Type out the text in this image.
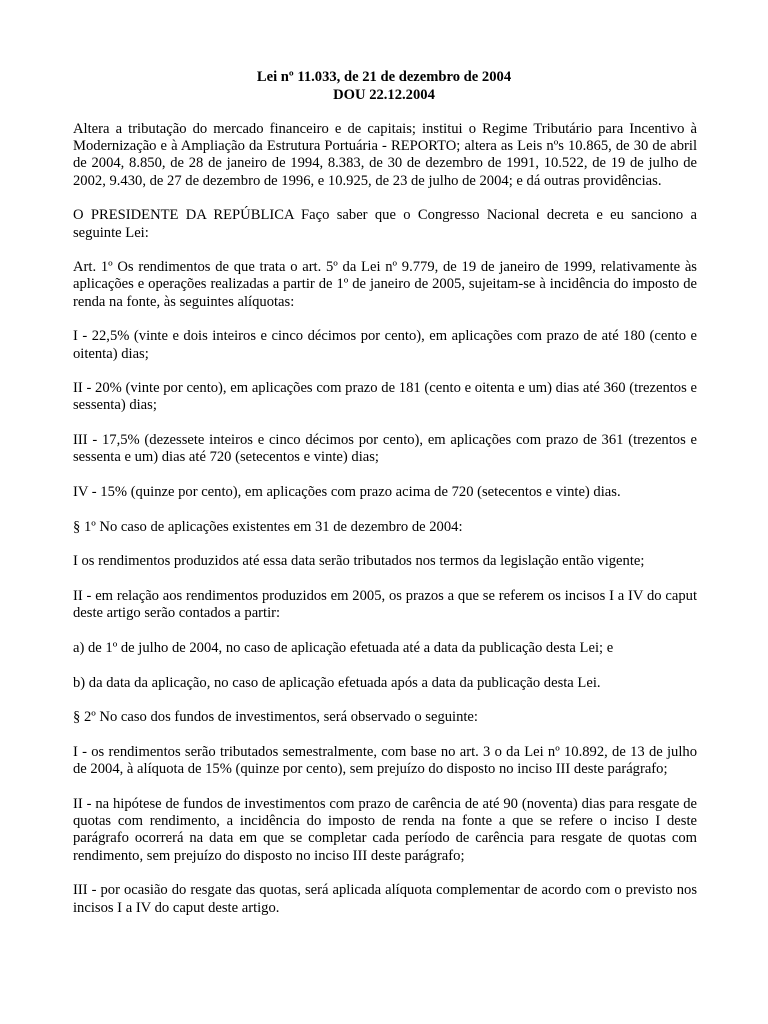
Lei nº 11.033, de 21 de dezembro de 2004
DOU 22.12.2004

Altera a tributação do mercado financeiro e de capitais; institui o Regime Tributário para Incentivo à Modernização e à Ampliação da Estrutura Portuária - REPORTO; altera as Leis nºs 10.865, de 30 de abril de 2004, 8.850, de 28 de janeiro de 1994, 8.383, de 30 de dezembro de 1991, 10.522, de 19 de julho de 2002, 9.430, de 27 de dezembro de 1996, e 10.925, de 23 de julho de 2004; e dá outras providências.

O PRESIDENTE DA REPÚBLICA Faço saber que o Congresso Nacional decreta e eu sanciono a seguinte Lei:

Art. 1º Os rendimentos de que trata o art. 5º da Lei nº 9.779, de 19 de janeiro de 1999, relativamente às aplicações e operações realizadas a partir de 1º de janeiro de 2005, sujeitam-se à incidência do imposto de renda na fonte, às seguintes alíquotas:

I - 22,5% (vinte e dois inteiros e cinco décimos por cento), em aplicações com prazo de até 180 (cento e oitenta) dias;

II - 20% (vinte por cento), em aplicações com prazo de 181 (cento e oitenta e um) dias até 360 (trezentos e sessenta) dias;

III - 17,5% (dezessete inteiros e cinco décimos por cento), em aplicações com prazo de 361 (trezentos e sessenta e um) dias até 720 (setecentos e vinte) dias;

IV - 15% (quinze por cento), em aplicações com prazo acima de 720 (setecentos e vinte) dias.

§ 1º No caso de aplicações existentes em 31 de dezembro de 2004:

I os rendimentos produzidos até essa data serão tributados nos termos da legislação então vigente;

II - em relação aos rendimentos produzidos em 2005, os prazos a que se referem os incisos I a IV do caput deste artigo serão contados a partir:

a) de 1º de julho de 2004, no caso de aplicação efetuada até a data da publicação desta Lei; e

b) da data da aplicação, no caso de aplicação efetuada após a data da publicação desta Lei.

§ 2º No caso dos fundos de investimentos, será observado o seguinte:

I - os rendimentos serão tributados semestralmente, com base no art. 3 o da Lei nº 10.892, de 13 de julho de 2004, à alíquota de 15% (quinze por cento), sem prejuízo do disposto no inciso III deste parágrafo;

II - na hipótese de fundos de investimentos com prazo de carência de até 90 (noventa) dias para resgate de quotas com rendimento, a incidência do imposto de renda na fonte a que se refere o inciso I deste parágrafo ocorrerá na data em que se completar cada período de carência para resgate de quotas com rendimento, sem prejuízo do disposto no inciso III deste parágrafo;

III - por ocasião do resgate das quotas, será aplicada alíquota complementar de acordo com o previsto nos incisos I a IV do caput deste artigo.
